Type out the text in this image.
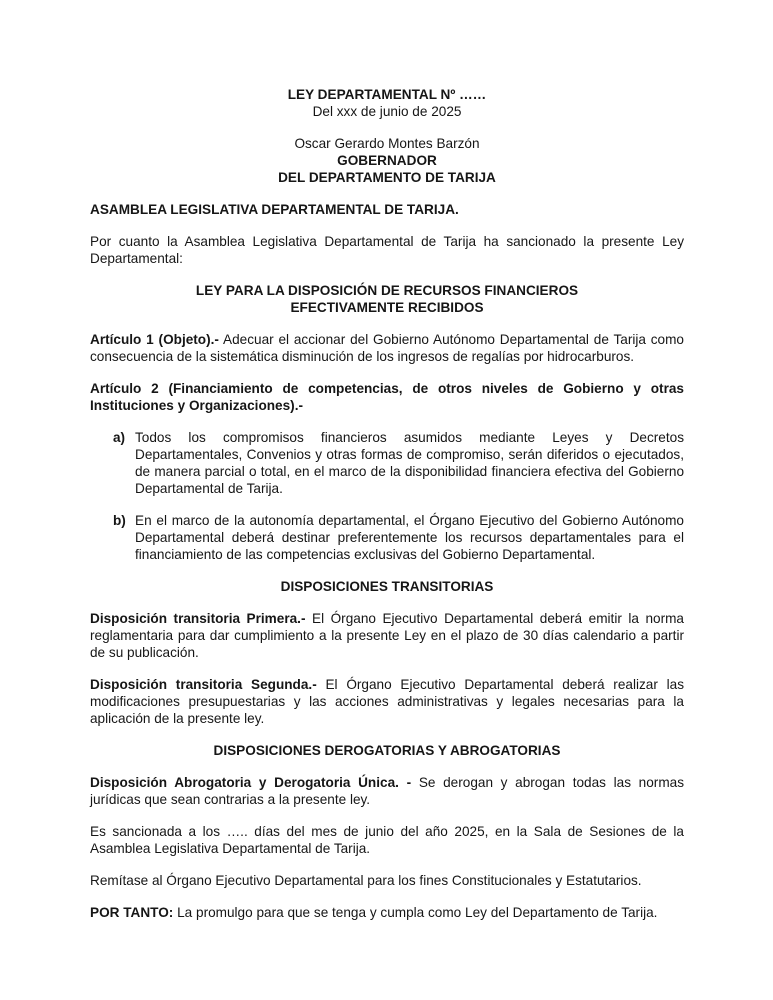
LEY DEPARTAMENTAL Nº ……
Del xxx de junio de 2025
Oscar Gerardo Montes Barzón
GOBERNADOR
DEL DEPARTAMENTO DE TARIJA

ASAMBLEA LEGISLATIVA DEPARTAMENTAL DE TARIJA.

Por cuanto la Asamblea Legislativa Departamental de Tarija ha sancionado la presente Ley Departamental:

LEY PARA LA DISPOSICIÓN DE RECURSOS FINANCIEROS
EFECTIVAMENTE RECIBIDOS

Artículo 1 (Objeto).- Adecuar el accionar del Gobierno Autónomo Departamental de Tarija como consecuencia de la sistemática disminución de los ingresos de regalías por hidrocarburos.

Artículo 2 (Financiamiento de competencias, de otros niveles de Gobierno y otras Instituciones y Organizaciones).-

a) Todos los compromisos financieros asumidos mediante Leyes y Decretos Departamentales, Convenios y otras formas de compromiso, serán diferidos o ejecutados, de manera parcial o total, en el marco de la disponibilidad financiera efectiva del Gobierno Departamental de Tarija.
b) En el marco de la autonomía departamental, el Órgano Ejecutivo del Gobierno Autónomo Departamental deberá destinar preferentemente los recursos departamentales para el financiamiento de las competencias exclusivas del Gobierno Departamental.

DISPOSICIONES TRANSITORIAS

Disposición transitoria Primera.- El Órgano Ejecutivo Departamental deberá emitir la norma reglamentaria para dar cumplimiento a la presente Ley en el plazo de 30 días calendario a partir de su publicación.

Disposición transitoria Segunda.- El Órgano Ejecutivo Departamental deberá realizar las modificaciones presupuestarias y las acciones administrativas y legales necesarias para la aplicación de la presente ley.

DISPOSICIONES DEROGATORIAS Y ABROGATORIAS

Disposición Abrogatoria y Derogatoria Única. - Se derogan y abrogan todas las normas jurídicas que sean contrarias a la presente ley.

Es sancionada a los ….. días del mes de junio del año 2025, en la Sala de Sesiones de la Asamblea Legislativa Departamental de Tarija.

Remítase al Órgano Ejecutivo Departamental para los fines Constitucionales y Estatutarios.

POR TANTO: La promulgo para que se tenga y cumpla como Ley del Departamento de Tarija.
